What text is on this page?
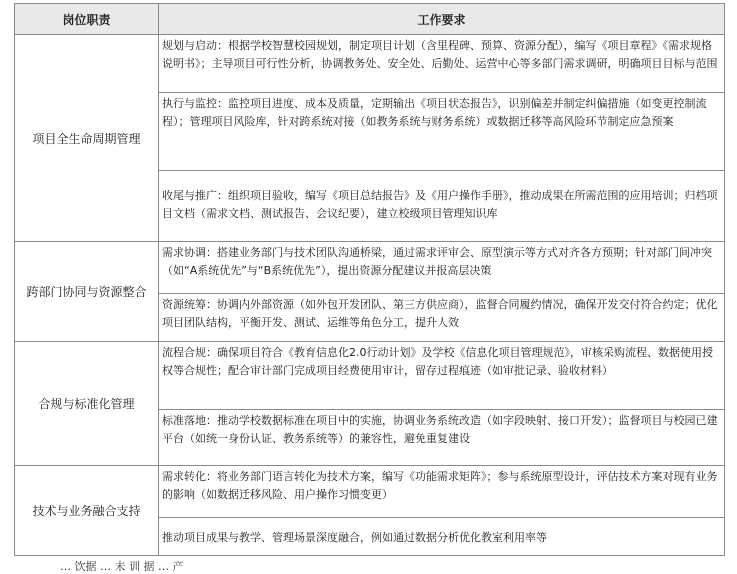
岗位职责	工作要求
项目全生命周期管理	规划与启动：根据学校智慧校园规划，制定项目计划（含里程碑、预算、资源分配），编写《项目章程》《需求规格说明书》；主导项目可行性分析，协调教务处、安全处、后勤处、运营中心等多部门需求调研，明确项目目标与范围
	执行与监控：监控项目进度、成本及质量，定期输出《项目状态报告》，识别偏差并制定纠偏措施（如变更控制流程）；管理项目风险库，针对跨系统对接（如教务系统与财务系统）或数据迁移等高风险环节制定应急预案
	收尾与推广：组织项目验收，编写《项目总结报告》及《用户操作手册》，推动成果在所需范围的应用培训；归档项目文档（需求文档、测试报告、会议纪要），建立校级项目管理知识库
跨部门协同与资源整合	需求协调：搭建业务部门与技术团队沟通桥梁，通过需求评审会、原型演示等方式对齐各方预期；针对部门间冲突（如“A系统优先”与“B系统优先”），提出资源分配建议并报高层决策
	资源统筹：协调内外部资源（如外包开发团队、第三方供应商），监督合同履约情况，确保开发交付符合约定；优化项目团队结构，平衡开发、测试、运维等角色分工，提升人效
合规与标准化管理	流程合规：确保项目符合《教育信息化2.0行动计划》及学校《信息化项目管理规范》，审核采购流程、数据使用授权等合规性；配合审计部门完成项目经费使用审计，留存过程痕迹（如审批记录、验收材料）
	标准落地：推动学校数据标准在项目中的实施，协调业务系统改造（如字段映射、接口开发）；监督项目与校园已建平台（如统一身份认证、教务系统等）的兼容性，避免重复建设
技术与业务融合支持	需求转化：将业务部门语言转化为技术方案，编写《功能需求矩阵》；参与系统原型设计，评估技术方案对现有业务的影响（如数据迁移风险、用户操作习惯变更）
	推动项目成果与教学、管理场景深度融合，例如通过数据分析优化教室利用率等
… 饮据 … 未 训 据 … 产
